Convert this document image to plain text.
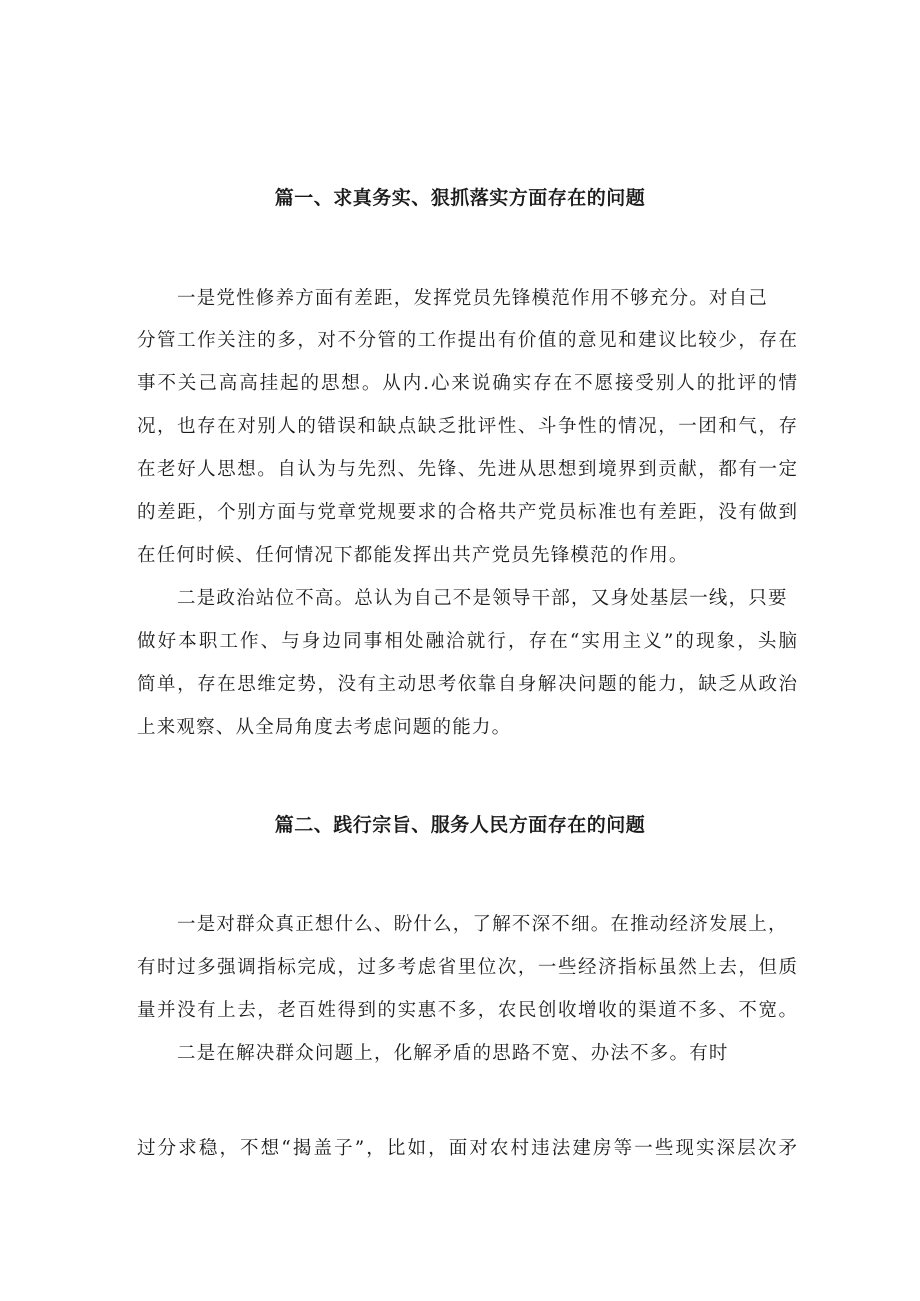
篇一、求真务实、狠抓落实方面存在的问题
一是党性修养方面有差距，发挥党员先锋模范作用不够充分。对自己
分管工作关注的多，对不分管的工作提出有价值的意见和建议比较少，存在
事不关己高高挂起的思想。从内.心来说确实存在不愿接受别人的批评的情
况，也存在对别人的错误和缺点缺乏批评性、斗争性的情况，一团和气，存
在老好人思想。自认为与先烈、先锋、先进从思想到境界到贡献，都有一定
的差距，个别方面与党章党规要求的合格共产党员标准也有差距，没有做到
在任何时候、任何情况下都能发挥出共产党员先锋模范的作用。
二是政治站位不高。总认为自己不是领导干部，又身处基层一线，只要
做好本职工作、与身边同事相处融洽就行，存在“实用主义”的现象，头脑
简单，存在思维定势，没有主动思考依靠自身解决问题的能力，缺乏从政治
上来观察、从全局角度去考虑问题的能力。
篇二、践行宗旨、服务人民方面存在的问题
一是对群众真正想什么、盼什么，了解不深不细。在推动经济发展上，
有时过多强调指标完成，过多考虑省里位次，一些经济指标虽然上去，但质
量并没有上去，老百姓得到的实惠不多，农民创收增收的渠道不多、不宽。
二是在解决群众问题上，化解矛盾的思路不宽、办法不多。有时
过分求稳，不想“揭盖子”，比如，面对农村违法建房等一些现实深层次矛
